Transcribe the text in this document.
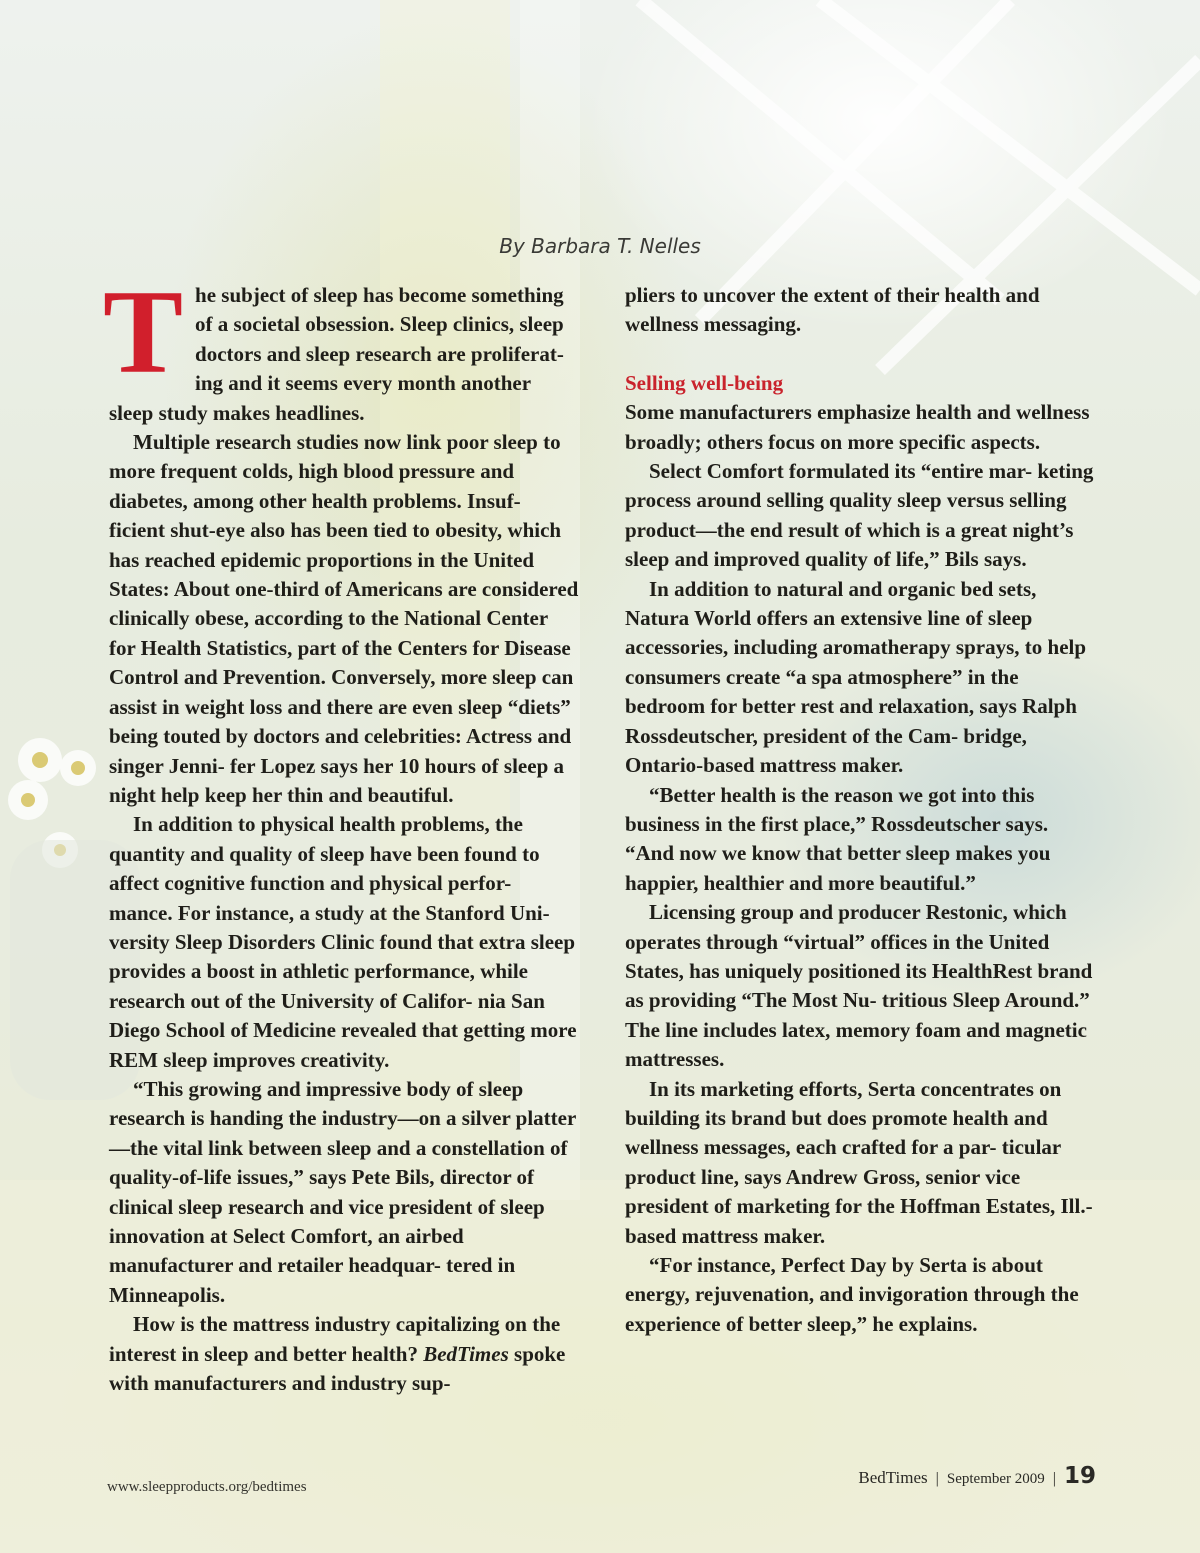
By Barbara T. Nelles

The subject of sleep has become something of a societal obsession. Sleep clinics, sleep doctors and sleep research are proliferat- ing and it seems every month another sleep study makes headlines.

Multiple research studies now link poor sleep to more frequent colds, high blood pressure and diabetes, among other health problems. Insuf- ficient shut-eye also has been tied to obesity, which has reached epidemic proportions in the United States: About one-third of Americans are considered clinically obese, according to the National Center for Health Statistics, part of the Centers for Disease Control and Prevention. Conversely, more sleep can assist in weight loss and there are even sleep “diets” being touted by doctors and celebrities: Actress and singer Jenni- fer Lopez says her 10 hours of sleep a night help keep her thin and beautiful.

In addition to physical health problems, the quantity and quality of sleep have been found to affect cognitive function and physical perfor- mance. For instance, a study at the Stanford Uni- versity Sleep Disorders Clinic found that extra sleep provides a boost in athletic performance, while research out of the University of Califor- nia San Diego School of Medicine revealed that getting more REM sleep improves creativity.

“This growing and impressive body of sleep research is handing the industry—on a silver platter—the vital link between sleep and a constellation of quality-of-life issues,” says Pete Bils, director of clinical sleep research and vice president of sleep innovation at Select Comfort, an airbed manufacturer and retailer headquar- tered in Minneapolis.

How is the mattress industry capitalizing on the interest in sleep and better health? BedTimes spoke with manufacturers and industry sup-

pliers to uncover the extent of their health and wellness messaging.

Selling well-being

Some manufacturers emphasize health and wellness broadly; others focus on more specific aspects.

Select Comfort formulated its “entire mar- keting process around selling quality sleep versus selling product—the end result of which is a great night’s sleep and improved quality of life,” Bils says.

In addition to natural and organic bed sets, Natura World offers an extensive line of sleep accessories, including aromatherapy sprays, to help consumers create “a spa atmosphere” in the bedroom for better rest and relaxation, says Ralph Rossdeutscher, president of the Cam- bridge, Ontario-based mattress maker.

“Better health is the reason we got into this business in the first place,” Rossdeutscher says. “And now we know that better sleep makes you happier, healthier and more beautiful.”

Licensing group and producer Restonic, which operates through “virtual” offices in the United States, has uniquely positioned its HealthRest brand as providing “The Most Nu- tritious Sleep Around.” The line includes latex, memory foam and magnetic mattresses.

In its marketing efforts, Serta concentrates on building its brand but does promote health and wellness messages, each crafted for a par- ticular product line, says Andrew Gross, senior vice president of marketing for the Hoffman Estates, Ill.-based mattress maker.

“For instance, Perfect Day by Serta is about energy, rejuvenation, and invigoration through the experience of better sleep,” he explains.

www.sleepproducts.org/bedtimes	BedTimes | September 2009 | 19
